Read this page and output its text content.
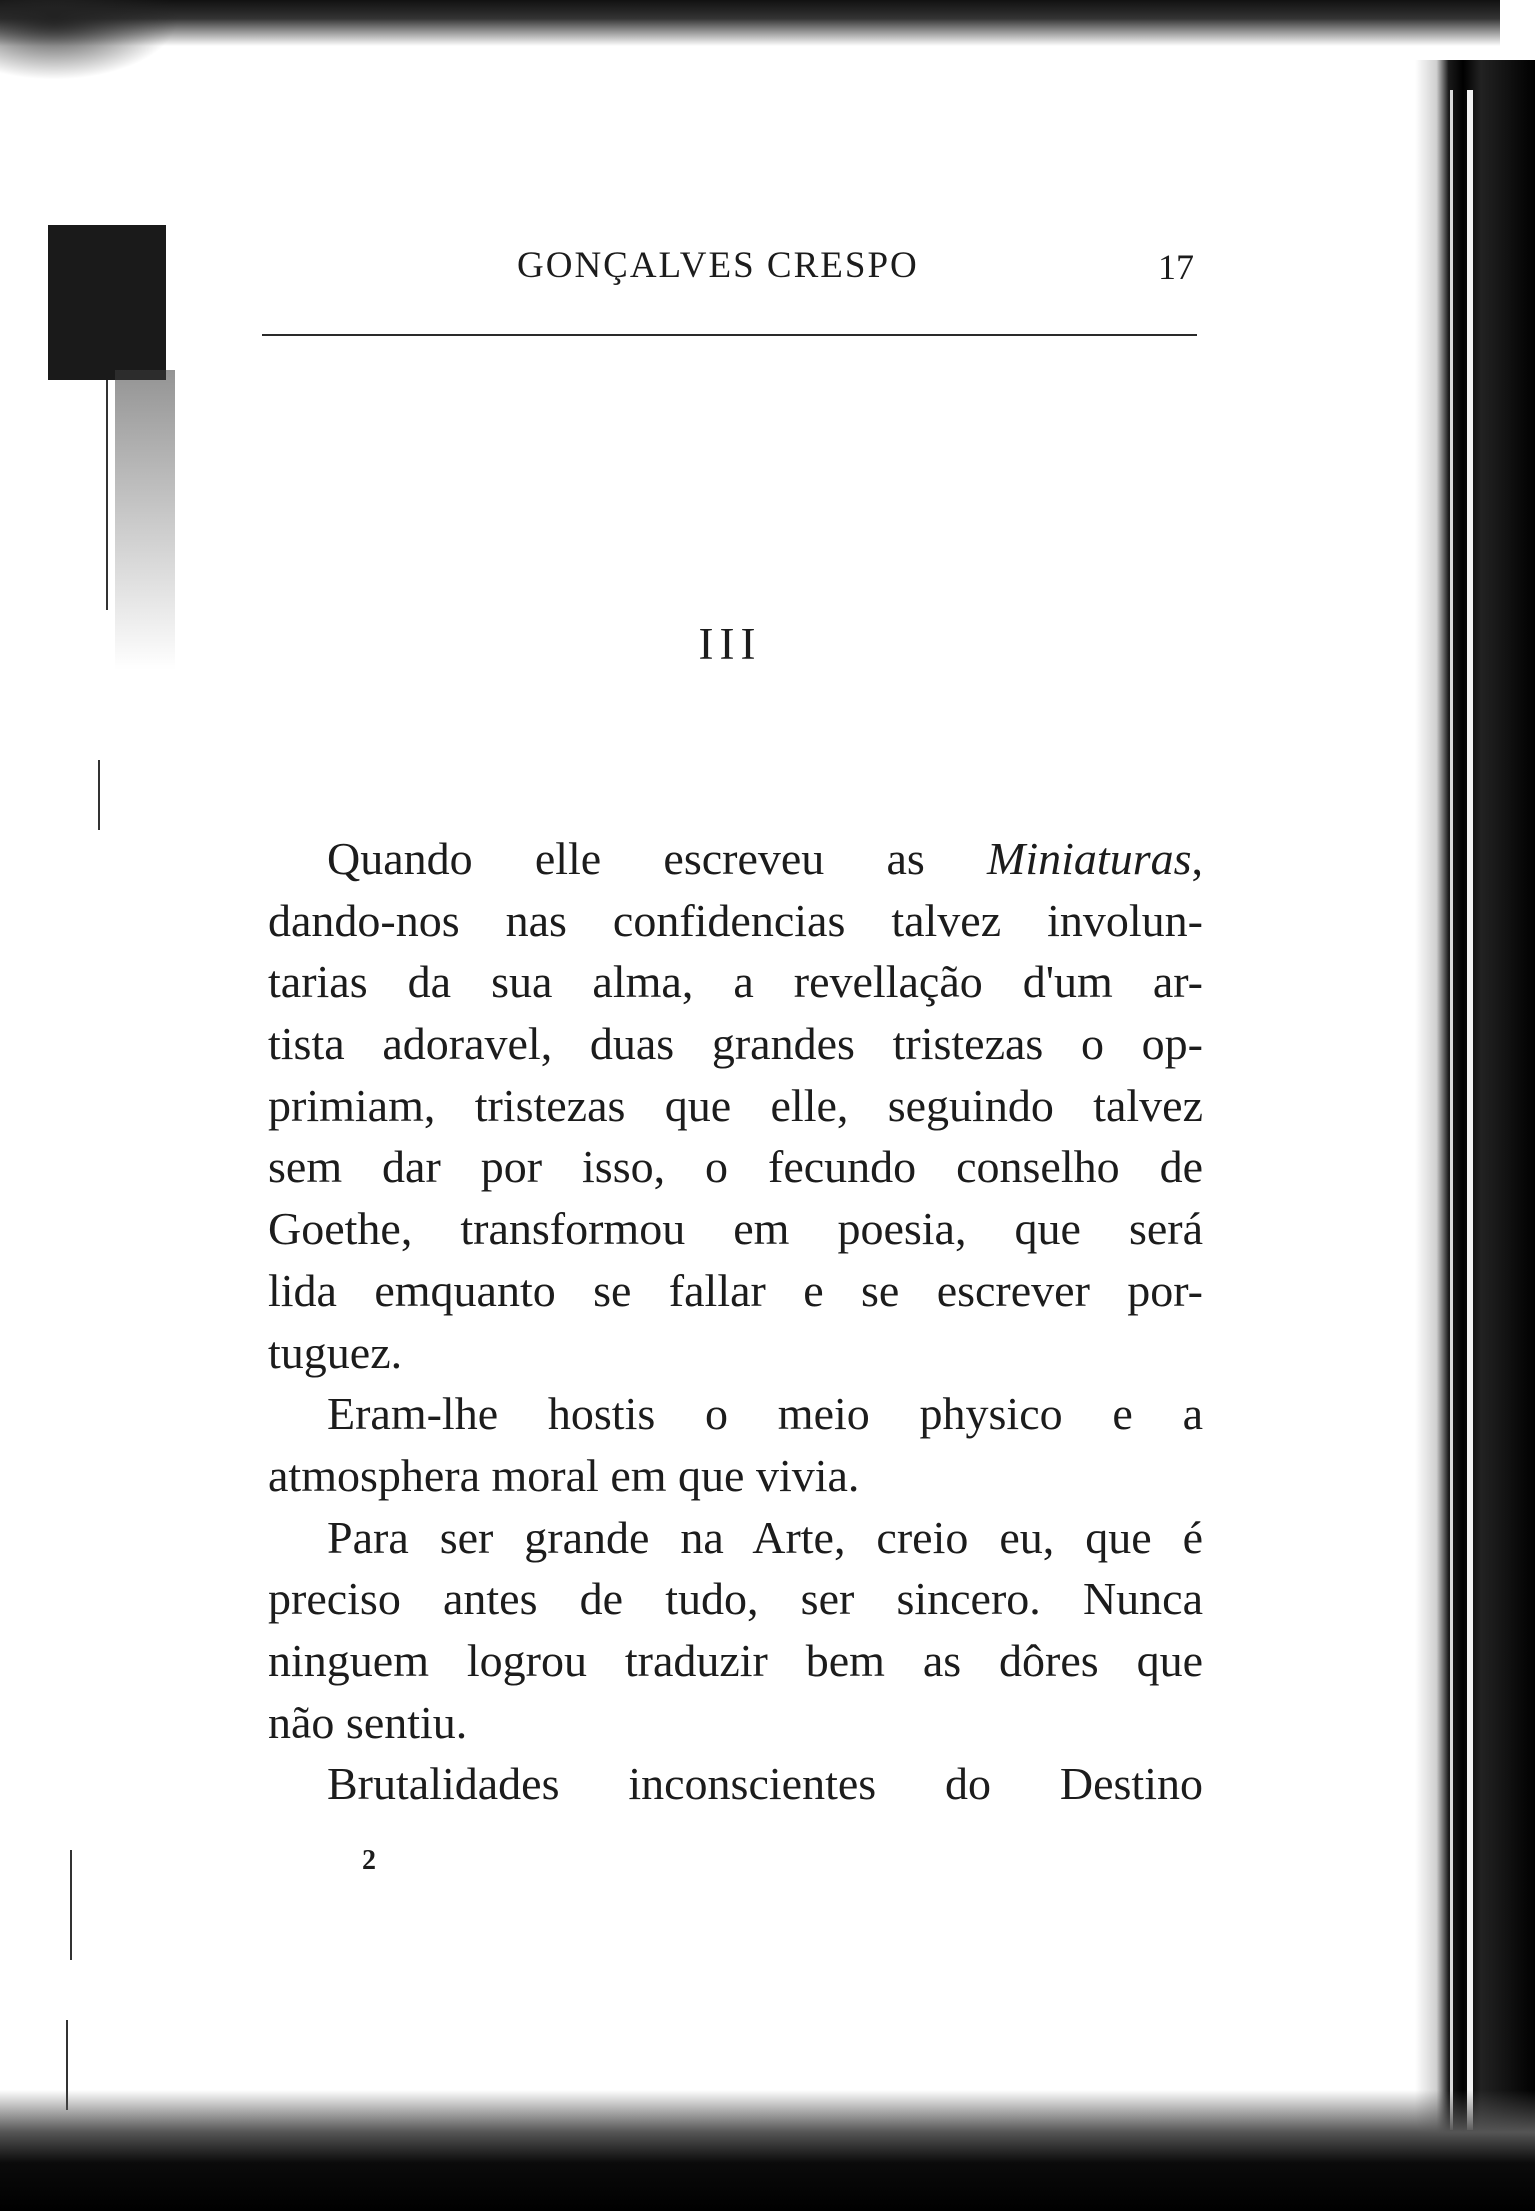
GONÇALVES CRESPO	17
III
Quando elle escreveu as Miniaturas,
dando-nos nas confidencias talvez involun-
tarias da sua alma, a revellação d'um ar-
tista adoravel, duas grandes tristezas o op-
primiam, tristezas que elle, seguindo talvez
sem dar por isso, o fecundo conselho de
Goethe, transformou em poesia, que será
lida emquanto se fallar e se escrever por-
tuguez.
Eram-lhe hostis o meio physico e a
atmosphera moral em que vivia.
Para ser grande na Arte, creio eu, que é
preciso antes de tudo, ser sincero. Nunca
ninguem logrou traduzir bem as dôres que
não sentiu.
Brutalidades inconscientes do Destino
2
